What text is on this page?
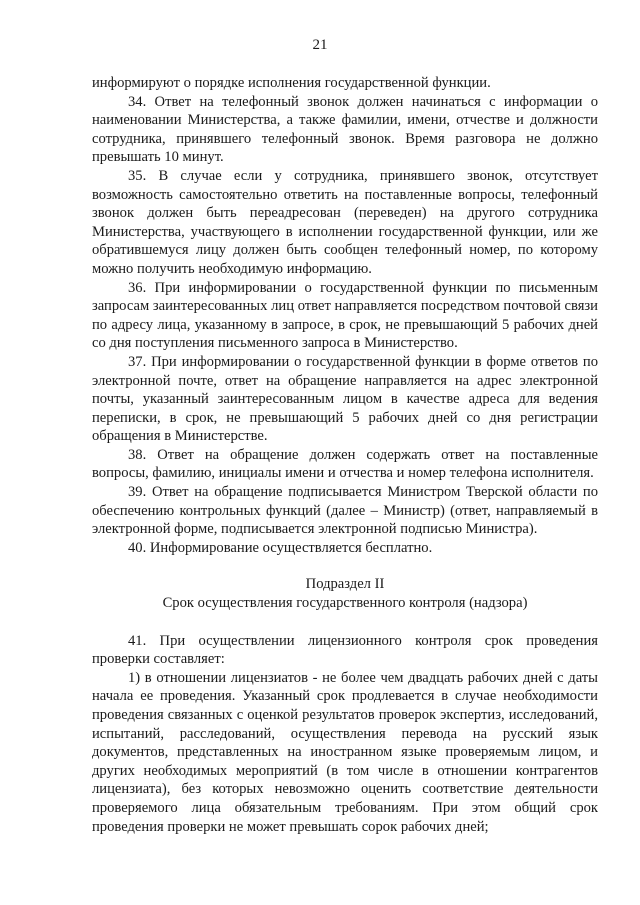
21

информируют о порядке исполнения государственной функции.

34. Ответ на телефонный звонок должен начинаться с информации о наименовании Министерства, а также фамилии, имени, отчестве и должности сотрудника, принявшего телефонный звонок. Время разговора не должно превышать 10 минут.

35. В случае если у сотрудника, принявшего звонок, отсутствует возможность самостоятельно ответить на поставленные вопросы, телефонный звонок должен быть переадресован (переведен) на другого сотрудника Министерства, участвующего в исполнении государственной функции, или же обратившемуся лицу должен быть сообщен телефонный номер, по которому можно получить необходимую информацию.

36. При информировании о государственной функции по письменным запросам заинтересованных лиц ответ направляется посредством почтовой связи по адресу лица, указанному в запросе, в срок, не превышающий 5 рабочих дней со дня поступления письменного запроса в Министерство.

37. При информировании о государственной функции в форме ответов по электронной почте, ответ на обращение направляется на адрес электронной почты, указанный заинтересованным лицом в качестве адреса для ведения переписки, в срок, не превышающий 5 рабочих дней со дня регистрации обращения в Министерстве.

38. Ответ на обращение должен содержать ответ на поставленные вопросы, фамилию, инициалы имени и отчества и номер телефона исполнителя.

39. Ответ на обращение подписывается Министром Тверской области по обеспечению контрольных функций (далее – Министр) (ответ, направляемый в электронной форме, подписывается электронной подписью Министра).

40. Информирование осуществляется бесплатно.

Подраздел II

Срок осуществления государственного контроля (надзора)

41. При осуществлении лицензионного контроля срок проведения проверки составляет:

1) в отношении лицензиатов - не более чем двадцать рабочих дней с даты начала ее проведения. Указанный срок продлевается в случае необходимости проведения связанных с оценкой результатов проверок экспертиз, исследований, испытаний, расследований, осуществления перевода на русский язык документов, представленных на иностранном языке проверяемым лицом, и других необходимых мероприятий (в том числе в отношении контрагентов лицензиата), без которых невозможно оценить соответствие деятельности проверяемого лица обязательным требованиям. При этом общий срок проведения проверки не может превышать сорок рабочих дней;
